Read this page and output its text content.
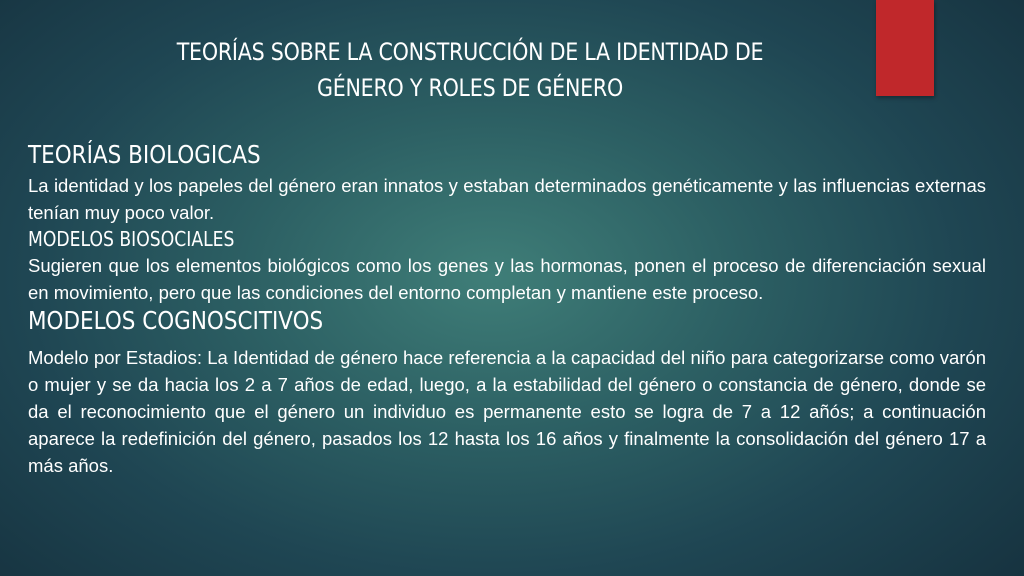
TEORÍAS SOBRE LA CONSTRUCCIÓN DE LA IDENTIDAD DE
GÉNERO Y ROLES DE GÉNERO
TEORÍAS BIOLOGICAS

La identidad y los papeles del género eran innatos y estaban determinados genéticamente y las influencias externas tenían muy poco valor.

MODELOS BIOSOCIALES

Sugieren que los elementos biológicos como los genes y las hormonas, ponen el proceso de diferenciación sexual en movimiento, pero que las condiciones del entorno completan y mantiene este proceso.

MODELOS COGNOSCITIVOS

Modelo por Estadios: La Identidad de género hace referencia a la capacidad del niño para categorizarse como varón o mujer y se da hacia los 2 a 7 años de edad, luego, a la estabilidad del género o constancia de género, donde se da el reconocimiento que el género un individuo es permanente esto se logra de 7 a 12 añós; a continuación aparece la redefinición del género, pasados los 12 hasta los 16 años y finalmente la consolidación del género 17 a más años.
